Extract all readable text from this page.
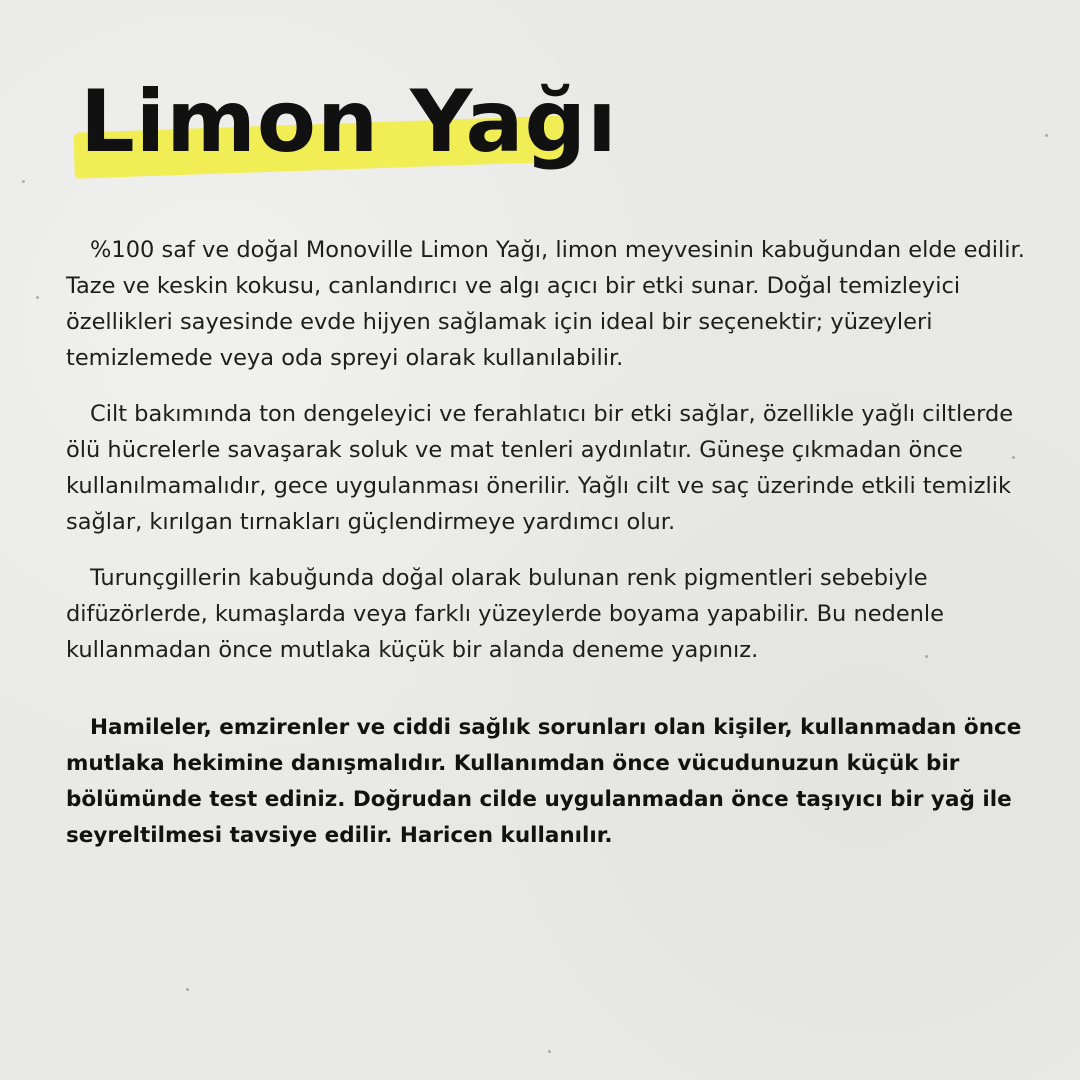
Limon Yağı

%100 saf ve doğal Monoville Limon Yağı, limon meyvesinin kabuğundan elde edilir. Taze ve keskin kokusu, canlandırıcı ve algı açıcı bir etki sunar. Doğal temizleyici özellikleri sayesinde evde hijyen sağlamak için ideal bir seçenektir; yüzeyleri temizlemede veya oda spreyi olarak kullanılabilir.

Cilt bakımında ton dengeleyici ve ferahlatıcı bir etki sağlar, özellikle yağlı ciltlerde ölü hücrelerle savaşarak soluk ve mat tenleri aydınlatır. Güneşe çıkmadan önce kullanılmamalıdır, gece uygulanması önerilir. Yağlı cilt ve saç üzerinde etkili temizlik sağlar, kırılgan tırnakları güçlendirmeye yardımcı olur.

Turunçgillerin kabuğunda doğal olarak bulunan renk pigmentleri sebebiyle difüzörlerde, kumaşlarda veya farklı yüzeylerde boyama yapabilir. Bu nedenle kullanmadan önce mutlaka küçük bir alanda deneme yapınız.

Hamileler, emzirenler ve ciddi sağlık sorunları olan kişiler, kullanmadan önce mutlaka hekimine danışmalıdır. Kullanımdan önce vücudunuzun küçük bir bölümünde test ediniz. Doğrudan cilde uygulanmadan önce taşıyıcı bir yağ ile seyreltilmesi tavsiye edilir. Haricen kullanılır.
